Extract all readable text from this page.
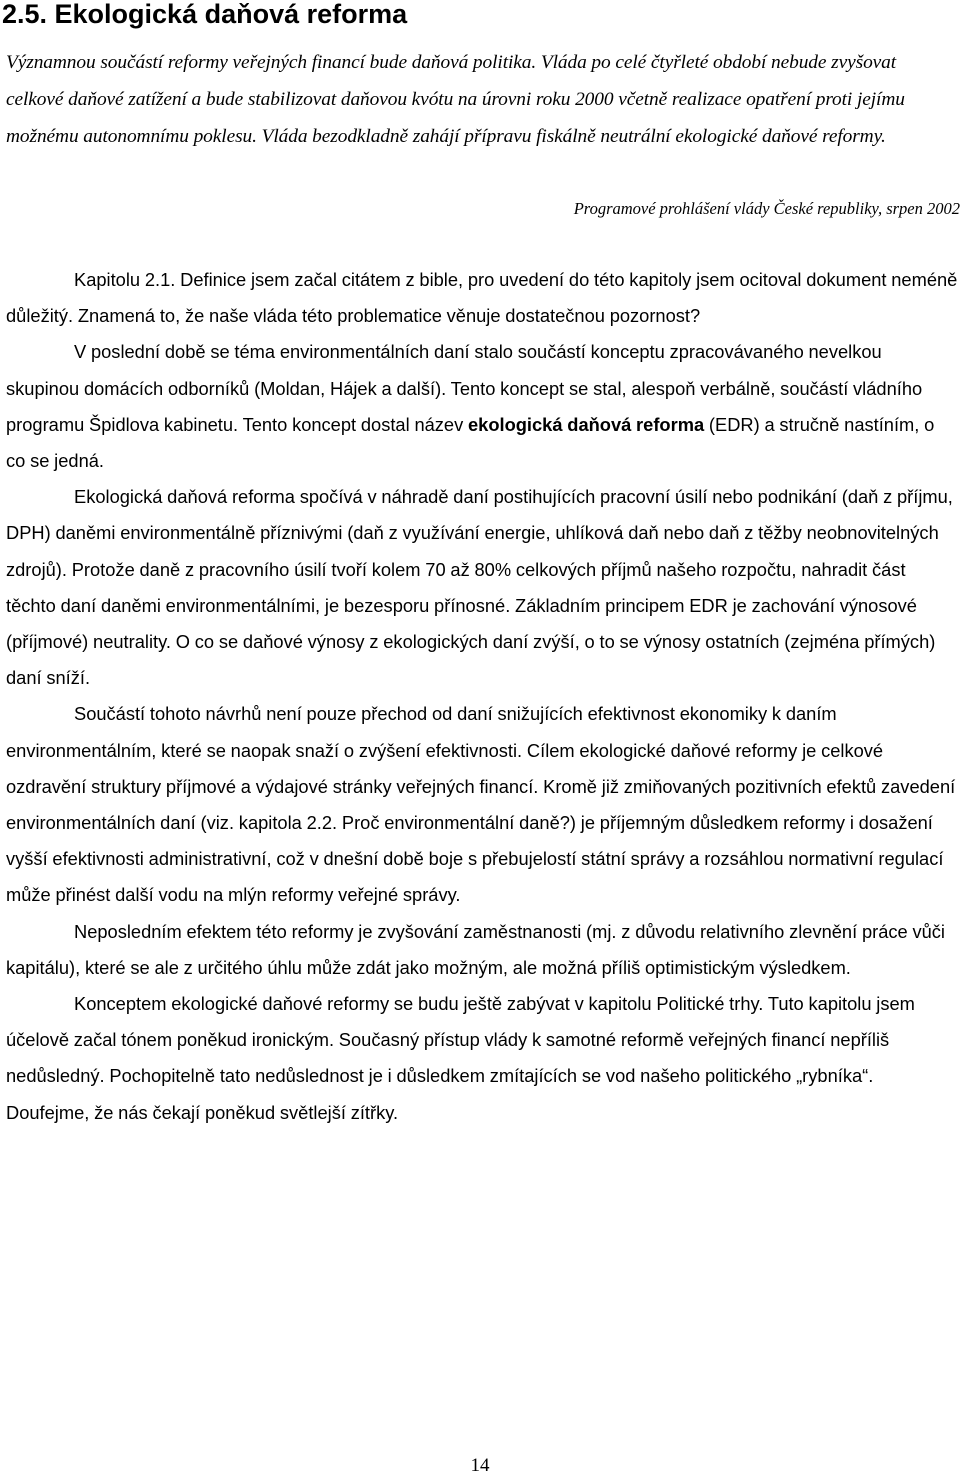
2.5. Ekologická daňová reforma

Významnou součástí reformy veřejných financí bude daňová politika. Vláda po celé čtyřleté období nebude zvyšovat celkové daňové zatížení a bude stabilizovat daňovou kvótu na úrovni roku 2000 včetně realizace opatření proti jejímu možnému autonomnímu poklesu. Vláda bezodkladně zahájí přípravu fiskálně neutrální ekologické daňové reformy.

Programové prohlášení vlády České republiky, srpen 2002

Kapitolu 2.1. Definice jsem začal citátem z bible, pro uvedení do této kapitoly jsem ocitoval dokument neméně důležitý. Znamená to, že naše vláda této problematice věnuje dostatečnou pozornost?

V poslední době se téma environmentálních daní stalo součástí konceptu zpracovávaného nevelkou skupinou domácích odborníků (Moldan, Hájek a další). Tento koncept se stal, alespoň verbálně, součástí vládního programu Špidlova kabinetu. Tento koncept dostal název ekologická daňová reforma (EDR) a stručně nastíním, o co se jedná.

Ekologická daňová reforma spočívá v náhradě daní postihujících pracovní úsilí nebo podnikání (daň z příjmu, DPH) daněmi environmentálně příznivými (daň z využívání energie, uhlíková daň nebo daň z těžby neobnovitelných zdrojů). Protože daně z pracovního úsilí tvoří kolem 70 až 80% celkových příjmů našeho rozpočtu, nahradit část těchto daní daněmi environmentálními, je bezesporu přínosné. Základním principem EDR je zachování výnosové (příjmové) neutrality. O co se daňové výnosy z ekologických daní zvýší, o to se výnosy ostatních (zejména přímých) daní sníží.

Součástí tohoto návrhů není pouze přechod od daní snižujících efektivnost ekonomiky k daním environmentálním, které se naopak snaží o zvýšení efektivnosti. Cílem ekologické daňové reformy je celkové ozdravění struktury příjmové a výdajové stránky veřejných financí. Kromě již zmiňovaných pozitivních efektů zavedení environmentálních daní (viz. kapitola 2.2. Proč environmentální daně?) je příjemným důsledkem reformy i dosažení vyšší efektivnosti administrativní, což v dnešní době boje s přebujelostí státní správy a rozsáhlou normativní regulací může přinést další vodu na mlýn reformy veřejné správy.

Neposledním efektem této reformy je zvyšování zaměstnanosti (mj. z důvodu relativního zlevnění práce vůči kapitálu), které se ale z určitého úhlu může zdát jako možným, ale možná příliš optimistickým výsledkem.

Konceptem ekologické daňové reformy se budu ještě zabývat v kapitolu Politické trhy. Tuto kapitolu jsem účelově začal tónem poněkud ironickým. Současný přístup vlády k samotné reformě veřejných financí nepříliš nedůsledný. Pochopitelně tato nedůslednost je i důsledkem zmítajících se vod našeho politického „rybníka“. Doufejme, že nás čekají poněkud světlejší zítřky.

14
